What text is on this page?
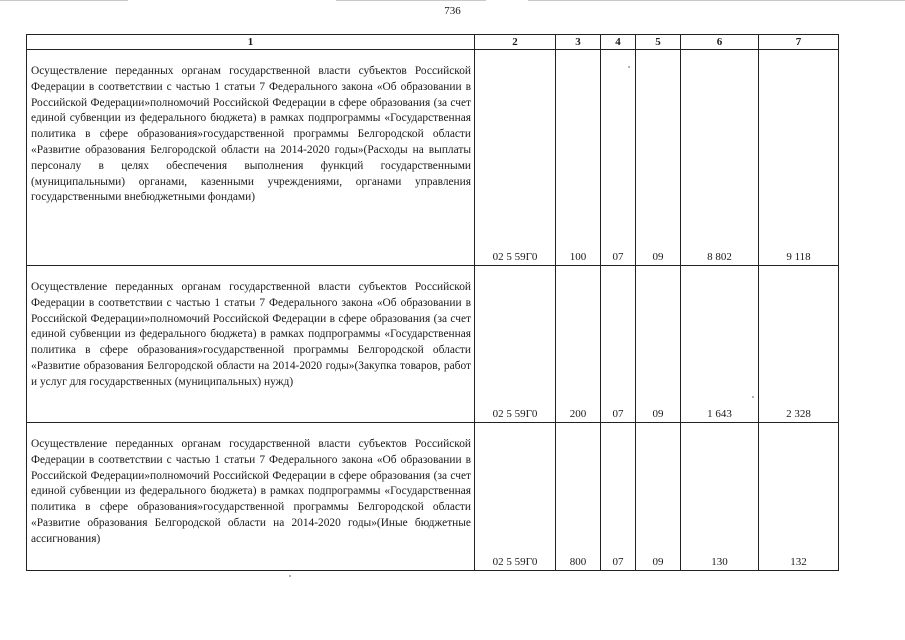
736
1	2	3	4	5	6	7
Осуществление переданных органам государственной власти субъектов Российской Федерации в соответствии с частью 1 статьи 7 Федерального закона «Об образовании в Российской Федерации»полномочий Российской Федерации в сфере образования (за счет единой субвенции из федерального бюджета) в рамках подпрограммы «Государственная политика в сфере образования»государственной программы Белгородской области «Развитие образования Белгородской области на 2014-2020 годы»(Расходы на выплаты персоналу в целях обеспечения выполнения функций государственными (муниципальными) органами, казенными учреждениями, органами управления государственными внебюджетными фондами)	02 5 59Г0	100	07	09	8 802	9 118
Осуществление переданных органам государственной власти субъектов Российской Федерации в соответствии с частью 1 статьи 7 Федерального закона «Об образовании в Российской Федерации»полномочий Российской Федерации в сфере образования (за счет единой субвенции из федерального бюджета) в рамках подпрограммы «Государственная политика в сфере образования»государственной программы Белгородской области «Развитие образования Белгородской области на 2014-2020 годы»(Закупка товаров, работ и услуг для государственных (муниципальных) нужд)	02 5 59Г0	200	07	09	1 643	2 328
Осуществление переданных органам государственной власти субъектов Российской Федерации в соответствии с частью 1 статьи 7 Федерального закона «Об образовании в Российской Федерации»полномочий Российской Федерации в сфере образования (за счет единой субвенции из федерального бюджета) в рамках подпрограммы «Государственная политика в сфере образования»государственной программы Белгородской области «Развитие образования Белгородской области на 2014-2020 годы»(Иные бюджетные ассигнования)	02 5 59Г0	800	07	09	130	132
